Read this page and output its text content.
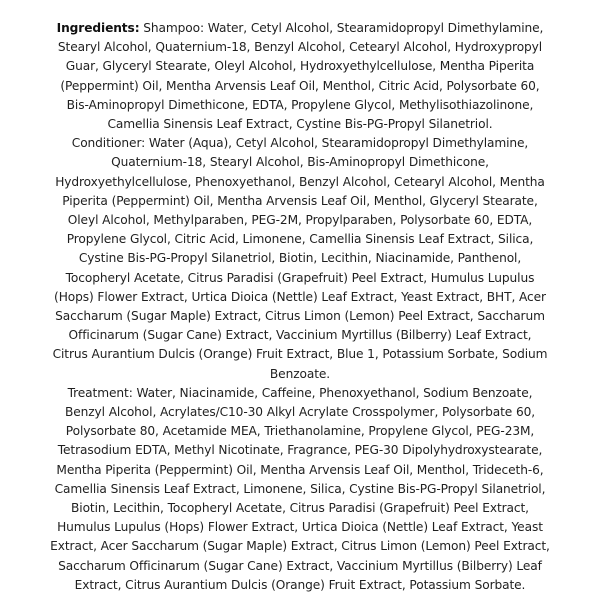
Ingredients: Shampoo: Water, Cetyl Alcohol, Stearamidopropyl Dimethylamine, Stearyl Alcohol, Quaternium-18, Benzyl Alcohol, Cetearyl Alcohol, Hydroxypropyl Guar, Glyceryl Stearate, Oleyl Alcohol, Hydroxyethylcellulose, Mentha Piperita (Peppermint) Oil, Mentha Arvensis Leaf Oil, Menthol, Citric Acid, Polysorbate 60, Bis-Aminopropyl Dimethicone, EDTA, Propylene Glycol, Methylisothiazolinone, Camellia Sinensis Leaf Extract, Cystine Bis-PG-Propyl Silanetriol.

Conditioner: Water (Aqua), Cetyl Alcohol, Stearamidopropyl Dimethylamine, Quaternium-18, Stearyl Alcohol, Bis-Aminopropyl Dimethicone, Hydroxyethylcellulose, Phenoxyethanol, Benzyl Alcohol, Cetearyl Alcohol, Mentha Piperita (Peppermint) Oil, Mentha Arvensis Leaf Oil, Menthol, Glyceryl Stearate, Oleyl Alcohol, Methylparaben, PEG-2M, Propylparaben, Polysorbate 60, EDTA, Propylene Glycol, Citric Acid, Limonene, Camellia Sinensis Leaf Extract, Silica, Cystine Bis-PG-Propyl Silanetriol, Biotin, Lecithin, Niacinamide, Panthenol, Tocopheryl Acetate, Citrus Paradisi (Grapefruit) Peel Extract, Humulus Lupulus (Hops) Flower Extract, Urtica Dioica (Nettle) Leaf Extract, Yeast Extract, BHT, Acer Saccharum (Sugar Maple) Extract, Citrus Limon (Lemon) Peel Extract, Saccharum Officinarum (Sugar Cane) Extract, Vaccinium Myrtillus (Bilberry) Leaf Extract, Citrus Aurantium Dulcis (Orange) Fruit Extract, Blue 1, Potassium Sorbate, Sodium Benzoate.

Treatment: Water, Niacinamide, Caffeine, Phenoxyethanol, Sodium Benzoate, Benzyl Alcohol, Acrylates/C10-30 Alkyl Acrylate Crosspolymer, Polysorbate 60, Polysorbate 80, Acetamide MEA, Triethanolamine, Propylene Glycol, PEG-23M, Tetrasodium EDTA, Methyl Nicotinate, Fragrance, PEG-30 Dipolyhydroxystearate, Mentha Piperita (Peppermint) Oil, Mentha Arvensis Leaf Oil, Menthol, Trideceth-6, Camellia Sinensis Leaf Extract, Limonene, Silica, Cystine Bis-PG-Propyl Silanetriol, Biotin, Lecithin, Tocopheryl Acetate, Citrus Paradisi (Grapefruit) Peel Extract, Humulus Lupulus (Hops) Flower Extract, Urtica Dioica (Nettle) Leaf Extract, Yeast Extract, Acer Saccharum (Sugar Maple) Extract, Citrus Limon (Lemon) Peel Extract, Saccharum Officinarum (Sugar Cane) Extract, Vaccinium Myrtillus (Bilberry) Leaf Extract, Citrus Aurantium Dulcis (Orange) Fruit Extract, Potassium Sorbate.
